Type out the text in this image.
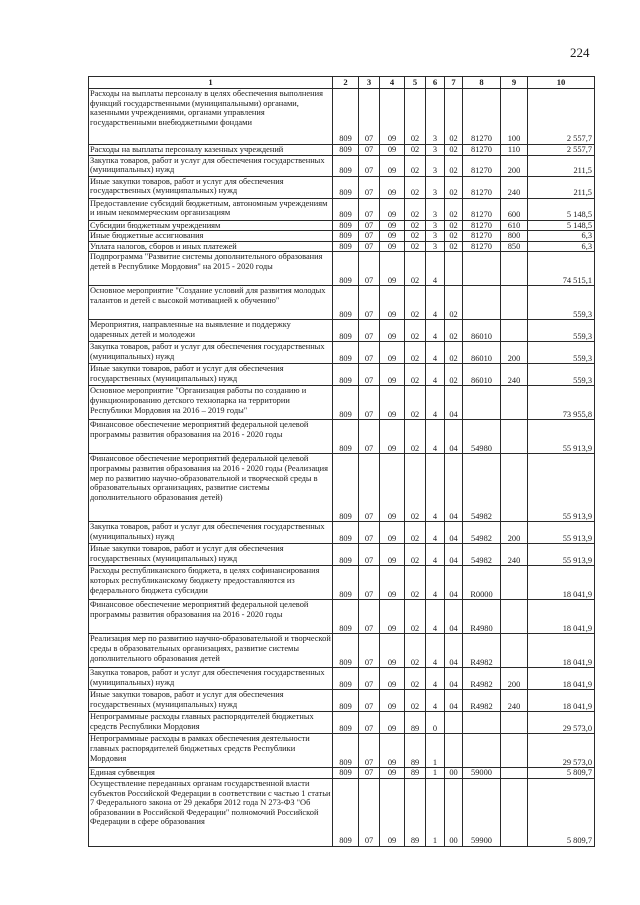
224
1	2	3	4	5	6	7	8	9	10
Расходы на выплаты персоналу в целях обеспечения выполнения функций государственными (муниципальными) органами, казенными учреждениями, органами управления государственными внебюджетными фондами	809	07	09	02	3	02	81270	100	2 557,7
Расходы на выплаты персоналу казенных учреждений	809	07	09	02	3	02	81270	110	2 557,7
Закупка товаров, работ и услуг для обеспечения государственных (муниципальных) нужд	809	07	09	02	3	02	81270	200	211,5
Иные закупки товаров, работ и услуг для обеспечения государственных (муниципальных) нужд	809	07	09	02	3	02	81270	240	211,5
Предоставление субсидий бюджетным, автономным учреждениям и иным некоммерческим организациям	809	07	09	02	3	02	81270	600	5 148,5
Субсидии бюджетным учреждениям	809	07	09	02	3	02	81270	610	5 148,5
Иные бюджетные ассигнования	809	07	09	02	3	02	81270	800	6,3
Уплата налогов, сборов и иных платежей	809	07	09	02	3	02	81270	850	6,3
Подпрограмма "Развитие системы дополнительного образования детей в Республике Мордовия" на 2015 - 2020 годы	809	07	09	02	4				74 515,1
Основное мероприятие "Создание условий для развития молодых талантов и детей с высокой мотивацией к обучению"	809	07	09	02	4	02			559,3
Мероприятия, направленные на выявление и поддержку одаренных детей и молодежи	809	07	09	02	4	02	86010		559,3
Закупка товаров, работ и услуг для обеспечения государственных (муниципальных) нужд	809	07	09	02	4	02	86010	200	559,3
Иные закупки товаров, работ и услуг для обеспечения государственных (муниципальных) нужд	809	07	09	02	4	02	86010	240	559,3
Основное мероприятие "Организация работы по созданию и функционированию детского технопарка на территории Республики Мордовия на 2016 – 2019 годы"	809	07	09	02	4	04			73 955,8
Финансовое обеспечение мероприятий федеральной целевой программы развития образования на 2016 - 2020 годы	809	07	09	02	4	04	54980		55 913,9
Финансовое обеспечение мероприятий федеральной целевой программы развития образования на 2016 - 2020 годы (Реализация мер по развитию научно-образовательной и творческой среды в образовательных организациях, развитие системы дополнительного образования детей)	809	07	09	02	4	04	54982		55 913,9
Закупка товаров, работ и услуг для обеспечения государственных (муниципальных) нужд	809	07	09	02	4	04	54982	200	55 913,9
Иные закупки товаров, работ и услуг для обеспечения государственных (муниципальных) нужд	809	07	09	02	4	04	54982	240	55 913,9
Расходы республиканского бюджета, в целях софинансирования которых республиканскому бюджету предоставляются из федерального бюджета субсидии	809	07	09	02	4	04	R0000		18 041,9
Финансовое обеспечение мероприятий федеральной целевой программы развития образования на 2016 - 2020 годы	809	07	09	02	4	04	R4980		18 041,9
Реализация мер по развитию научно-образовательной и творческой среды в образовательных организациях, развитие системы дополнительного образования детей	809	07	09	02	4	04	R4982		18 041,9
Закупка товаров, работ и услуг для обеспечения государственных (муниципальных) нужд	809	07	09	02	4	04	R4982	200	18 041,9
Иные закупки товаров, работ и услуг для обеспечения государственных (муниципальных) нужд	809	07	09	02	4	04	R4982	240	18 041,9
Непрограммные расходы главных распорядителей бюджетных средств Республики Мордовия	809	07	09	89	0				29 573,0
Непрограммные расходы в рамках обеспечения деятельности главных распорядителей бюджетных средств Республики Мордовия	809	07	09	89	1				29 573,0
Единая субвенция	809	07	09	89	1	00	59000		5 809,7
Осуществление переданных органам государственной власти субъектов Российской Федерации в соответствии с частью 1 статьи 7 Федерального закона от 29 декабря 2012 года N 273-ФЗ "Об образовании в Российской Федерации" полномочий Российской Федерации в сфере образования	809	07	09	89	1	00	59900		5 809,7
